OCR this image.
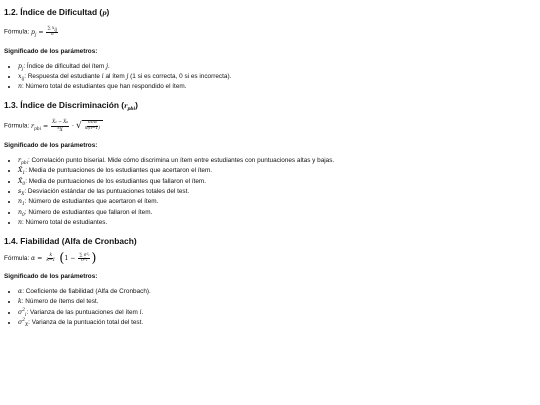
1.2. Índice de Dificultad (p)
Fórmula: $p_j = \frac{\sum x_{ij}}{n}$
Significado de los parámetros:
• $p_j$: Índice de dificultad del ítem j.
• $x_{ij}$: Respuesta del estudiante i al ítem j (1 si es correcta, 0 si es incorrecta).
• n: Número total de estudiantes que han respondido el ítem.
1.3. Índice de Discriminación $(r_{pbi})$
Fórmula: $r_{pbi} = \frac{\text{X̄₁ − X̄₀}}{s_X}$ · √ $\frac{\text{n₁n₀}}{n(n-1)}$
Significado de los parámetros:
• $r_{pbi}$: Correlación punto biserial. Mide cómo discrimina un ítem entre estudiantes con puntuaciones altas y bajas.
• $X̄_1$: Media de puntuaciones de los estudiantes que acertaron el ítem.
• $X̄_0$: Media de puntuaciones de los estudiantes que fallaron el ítem.
• $s_X$: Desviación estándar de las puntuaciones totales del test.
• $n_1$: Número de estudiantes que acertaron el ítem.
• $n_0$: Número de estudiantes que fallaron el ítem.
• n: Número total de estudiantes.
1.4. Fiabilidad (Alfa de Cronbach)
Fórmula: $\alpha = \frac{k}{k-1} (1 - \frac{\text{∑ σ²ᵢ}}{\text{σ²ₓ}}$ )
Significado de los parámetros:
• α: Coeficiente de fiabilidad (Alfa de Cronbach).
• k: Número de ítems del test.
• $\sigma^2_i$: Varianza de las puntuaciones del ítem i.
• $\sigma^2_X$: Varianza de la puntuación total del test.
